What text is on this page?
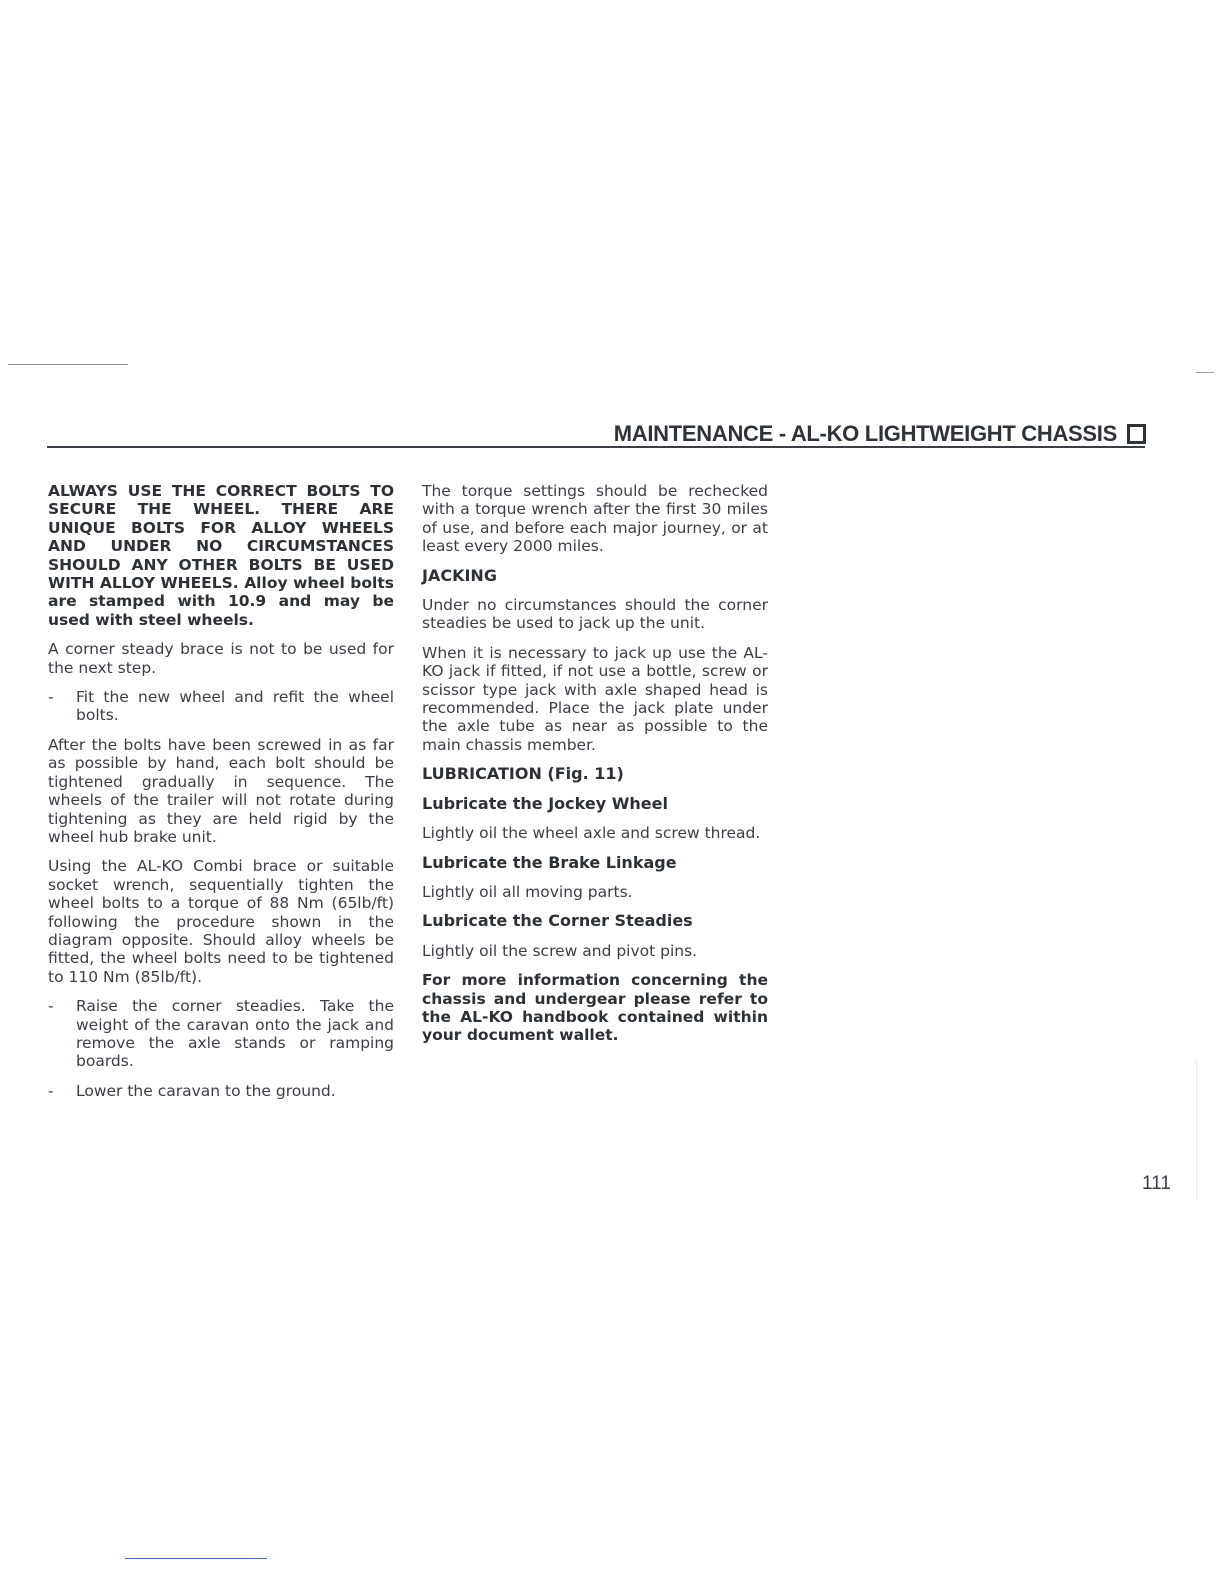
MAINTENANCE - AL-KO LIGHTWEIGHT CHASSIS

ALWAYS USE THE CORRECT BOLTS TO SECURE THE WHEEL. THERE ARE UNIQUE BOLTS FOR ALLOY WHEELS AND UNDER NO CIRCUMSTANCES SHOULD ANY OTHER BOLTS BE USED WITH ALLOY WHEELS. Alloy wheel bolts are stamped with 10.9 and may be used with steel wheels.

A corner steady brace is not to be used for the next step.

-	Fit the new wheel and refit the wheel bolts.

After the bolts have been screwed in as far as possible by hand, each bolt should be tightened gradually in sequence. The wheels of the trailer will not rotate during tightening as they are held rigid by the wheel hub brake unit.

Using the AL-KO Combi brace or suitable socket wrench, sequentially tighten the wheel bolts to a torque of 88 Nm (65lb/ft) following the procedure shown in the diagram opposite. Should alloy wheels be fitted, the wheel bolts need to be tightened to 110 Nm (85lb/ft).

-	Raise the corner steadies. Take the weight of the caravan onto the jack and remove the axle stands or ramping boards.
-	Lower the caravan to the ground.

The torque settings should be rechecked with a torque wrench after the first 30 miles of use, and before each major journey, or at least every 2000 miles.

JACKING

Under no circumstances should the corner steadies be used to jack up the unit.

When it is necessary to jack up use the AL-KO jack if fitted, if not use a bottle, screw or scissor type jack with axle shaped head is recommended. Place the jack plate under the axle tube as near as possible to the main chassis member.

LUBRICATION (Fig. 11)
Lubricate the Jockey Wheel

Lightly oil the wheel axle and screw thread.

Lubricate the Brake Linkage

Lightly oil all moving parts.

Lubricate the Corner Steadies

Lightly oil the screw and pivot pins.

For more information concerning the chassis and undergear please refer to the AL-KO handbook contained within your document wallet.

111
